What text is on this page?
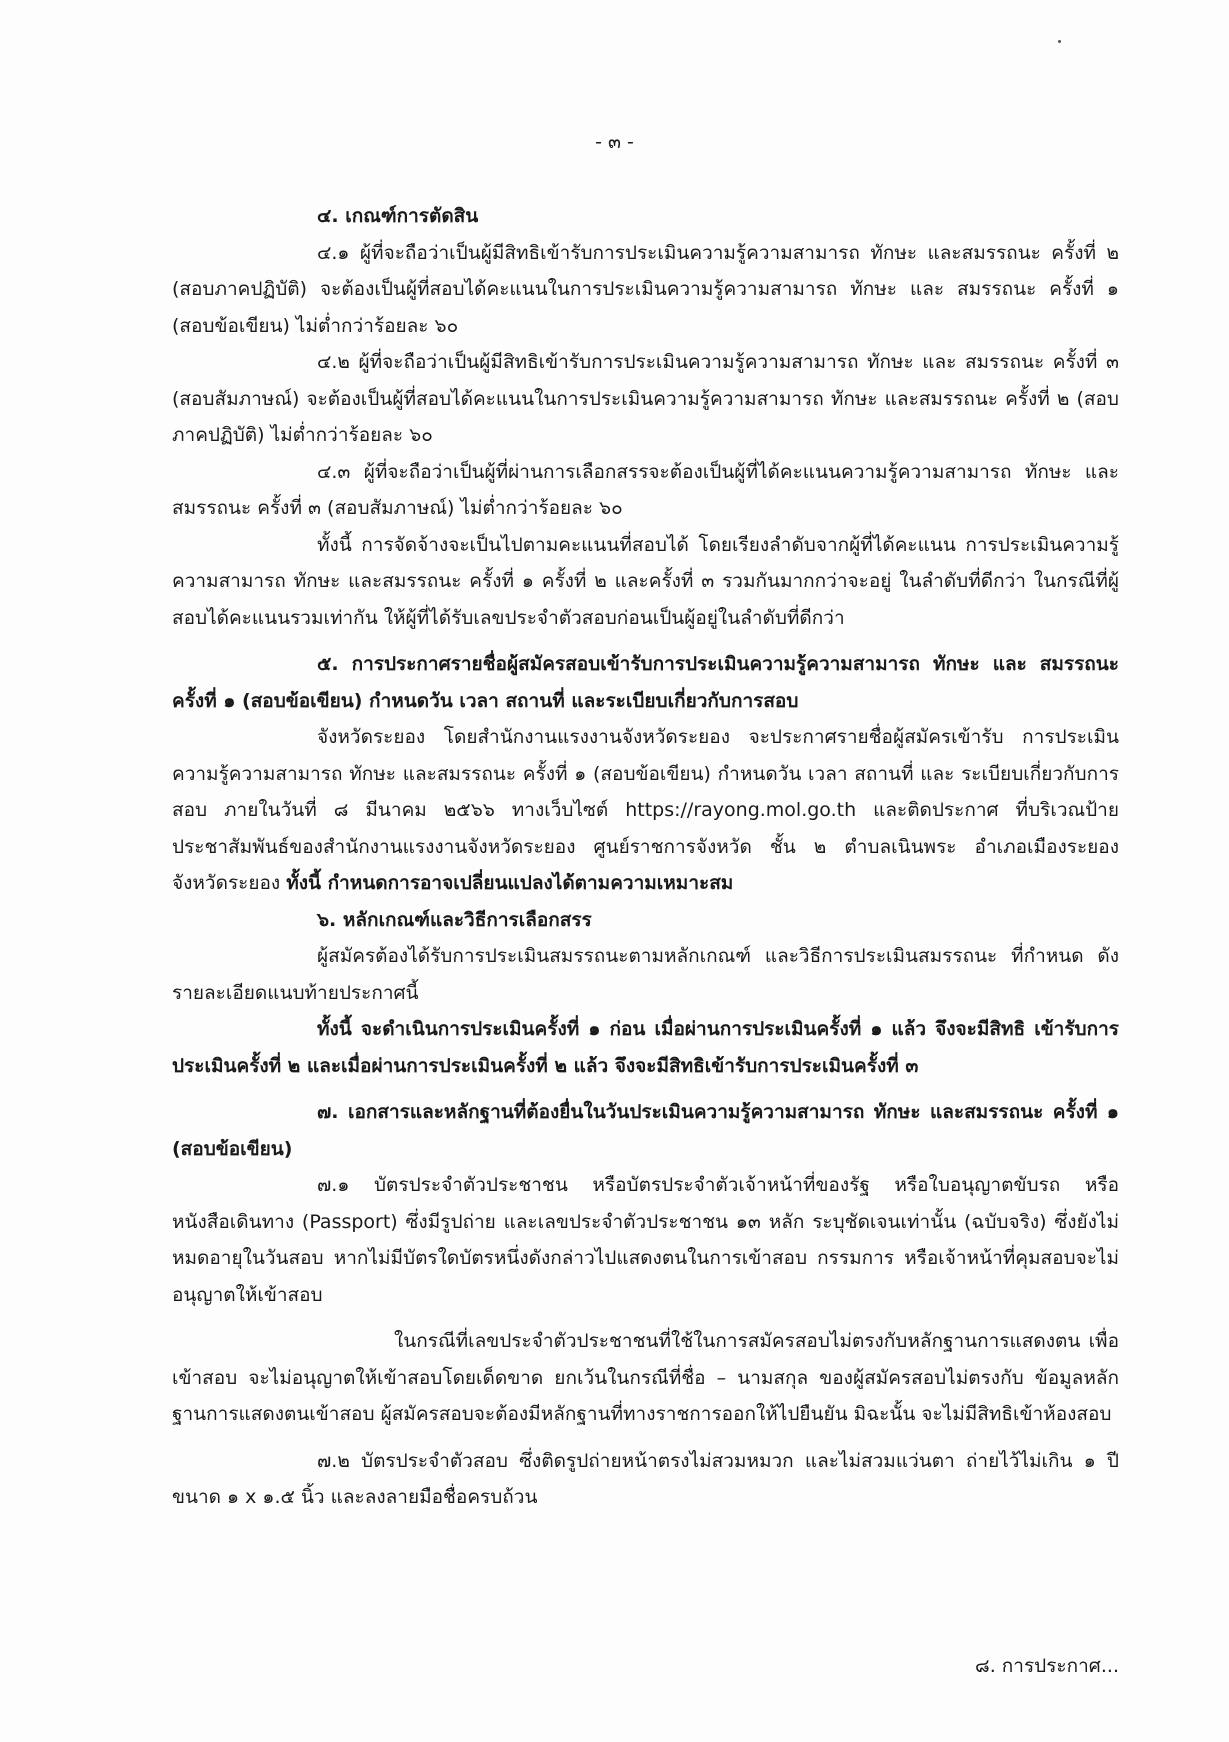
- ๓ -

๔. เกณฑ์การตัดสิน

๔.๑ ผู้ที่จะถือว่าเป็นผู้มีสิทธิเข้ารับการประเมินความรู้ความสามารถ ทักษะ และสมรรถนะ ครั้งที่ ๒ (สอบภาคปฏิบัติ) จะต้องเป็นผู้ที่สอบได้คะแนนในการประเมินความรู้ความสามารถ ทักษะ และ สมรรถนะ ครั้งที่ ๑ (สอบข้อเขียน) ไม่ต่ำกว่าร้อยละ ๖๐

๔.๒ ผู้ที่จะถือว่าเป็นผู้มีสิทธิเข้ารับการประเมินความรู้ความสามารถ ทักษะ และ สมรรถนะ ครั้งที่ ๓ (สอบสัมภาษณ์) จะต้องเป็นผู้ที่สอบได้คะแนนในการประเมินความรู้ความสามารถ ทักษะ และสมรรถนะ ครั้งที่ ๒ (สอบภาคปฏิบัติ) ไม่ต่ำกว่าร้อยละ ๖๐

๔.๓ ผู้ที่จะถือว่าเป็นผู้ที่ผ่านการเลือกสรรจะต้องเป็นผู้ที่ได้คะแนนความรู้ความสามารถ ทักษะ และสมรรถนะ ครั้งที่ ๓ (สอบสัมภาษณ์) ไม่ต่ำกว่าร้อยละ ๖๐

ทั้งนี้ การจัดจ้างจะเป็นไปตามคะแนนที่สอบได้ โดยเรียงลำดับจากผู้ที่ได้คะแนน การประเมินความรู้ความสามารถ ทักษะ และสมรรถนะ ครั้งที่ ๑ ครั้งที่ ๒ และครั้งที่ ๓ รวมกันมากกว่าจะอยู่ ในลำดับที่ดีกว่า ในกรณีที่ผู้สอบได้คะแนนรวมเท่ากัน ให้ผู้ที่ได้รับเลขประจำตัวสอบก่อนเป็นผู้อยู่ในลำดับที่ดีกว่า

๕. การประกาศรายชื่อผู้สมัครสอบเข้ารับการประเมินความรู้ความสามารถ ทักษะ และ สมรรถนะ ครั้งที่ ๑ (สอบข้อเขียน) กำหนดวัน เวลา สถานที่ และระเบียบเกี่ยวกับการสอบ

จังหวัดระยอง โดยสำนักงานแรงงานจังหวัดระยอง จะประกาศรายชื่อผู้สมัครเข้ารับ การประเมินความรู้ความสามารถ ทักษะ และสมรรถนะ ครั้งที่ ๑ (สอบข้อเขียน) กำหนดวัน เวลา สถานที่ และ ระเบียบเกี่ยวกับการสอบ ภายในวันที่ ๘ มีนาคม ๒๕๖๖ ทางเว็บไซต์ https://rayong.mol.go.th และติดประกาศ ที่บริเวณป้ายประชาสัมพันธ์ของสำนักงานแรงงานจังหวัดระยอง ศูนย์ราชการจังหวัด ชั้น ๒ ตำบลเนินพระ อำเภอเมืองระยอง จังหวัดระยอง ทั้งนี้ กำหนดการอาจเปลี่ยนแปลงได้ตามความเหมาะสม

๖. หลักเกณฑ์และวิธีการเลือกสรร

ผู้สมัครต้องได้รับการประเมินสมรรถนะตามหลักเกณฑ์ และวิธีการประเมินสมรรถนะ ที่กำหนด ดังรายละเอียดแนบท้ายประกาศนี้

ทั้งนี้ จะดำเนินการประเมินครั้งที่ ๑ ก่อน เมื่อผ่านการประเมินครั้งที่ ๑ แล้ว จึงจะมีสิทธิ เข้ารับการประเมินครั้งที่ ๒ และเมื่อผ่านการประเมินครั้งที่ ๒ แล้ว จึงจะมีสิทธิเข้ารับการประเมินครั้งที่ ๓

๗. เอกสารและหลักฐานที่ต้องยื่นในวันประเมินความรู้ความสามารถ ทักษะ และสมรรถนะ ครั้งที่ ๑ (สอบข้อเขียน)

๗.๑ บัตรประจำตัวประชาชน หรือบัตรประจำตัวเจ้าหน้าที่ของรัฐ หรือใบอนุญาตขับรถ หรือหนังสือเดินทาง (Passport) ซึ่งมีรูปถ่าย และเลขประจำตัวประชาชน ๑๓ หลัก ระบุชัดเจนเท่านั้น (ฉบับจริง) ซึ่งยังไม่หมดอายุในวันสอบ หากไม่มีบัตรใดบัตรหนึ่งดังกล่าวไปแสดงตนในการเข้าสอบ กรรมการ หรือเจ้าหน้าที่คุมสอบจะไม่อนุญาตให้เข้าสอบ

ในกรณีที่เลขประจำตัวประชาชนที่ใช้ในการสมัครสอบไม่ตรงกับหลักฐานการแสดงตน เพื่อเข้าสอบ จะไม่อนุญาตให้เข้าสอบโดยเด็ดขาด ยกเว้นในกรณีที่ชื่อ – นามสกุล ของผู้สมัครสอบไม่ตรงกับ ข้อมูลหลักฐานการแสดงตนเข้าสอบ ผู้สมัครสอบจะต้องมีหลักฐานที่ทางราชการออกให้ไปยืนยัน มิฉะนั้น จะไม่มีสิทธิเข้าห้องสอบ

๗.๒ บัตรประจำตัวสอบ ซึ่งติดรูปถ่ายหน้าตรงไม่สวมหมวก และไม่สวมแว่นตา ถ่ายไว้ไม่เกิน ๑ ปี ขนาด ๑ x ๑.๕ นิ้ว และลงลายมือชื่อครบถ้วน

๘. การประกาศ...
